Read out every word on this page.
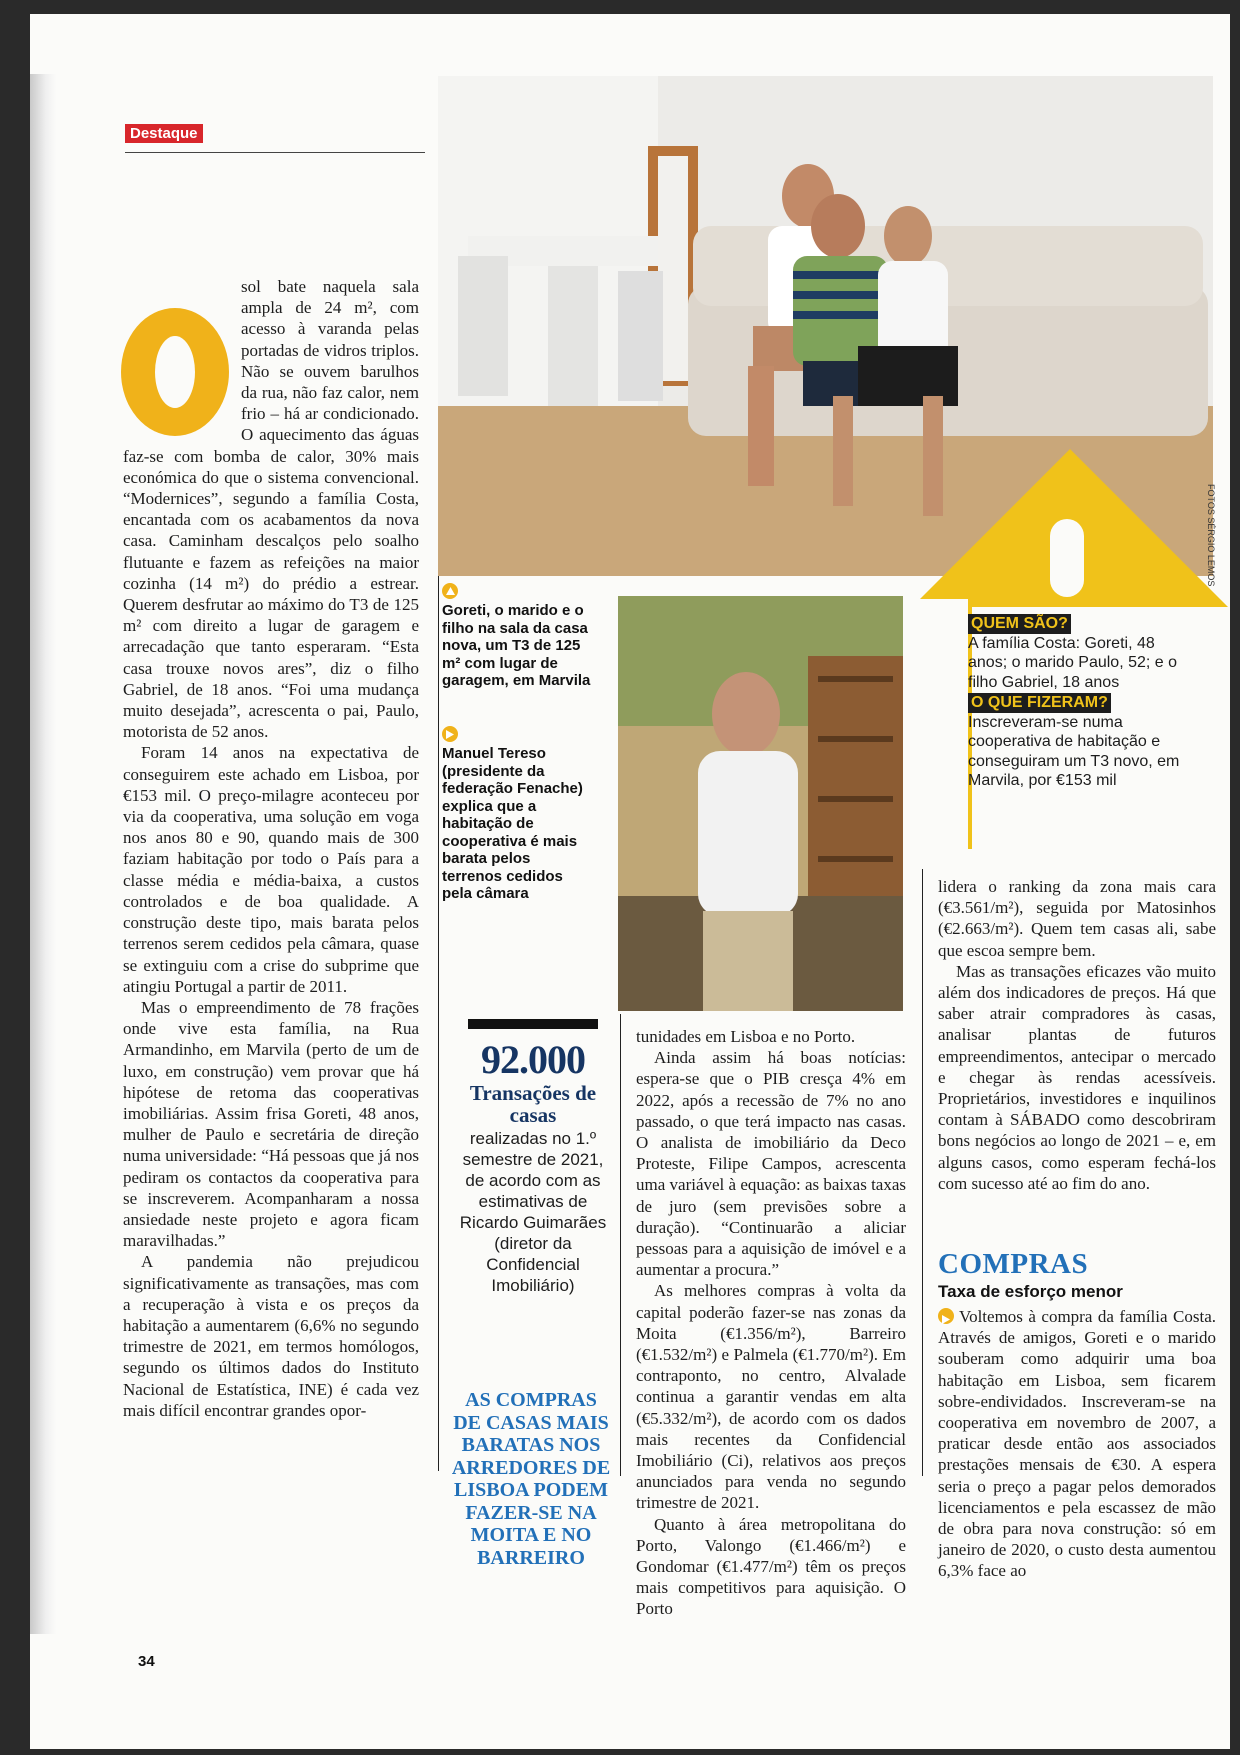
Destaque

sol bate naquela sala ampla de 24 m², com acesso à varanda pelas portadas de vidros triplos. Não se ouvem barulhos da rua, não faz calor, nem frio – há ar condicionado. O aquecimento das águas faz-se com bomba de calor, 30% mais económica do que o sistema convencional. “Modernices”, segundo a família Costa, encantada com os acabamentos da nova casa. Caminham descalços pelo soalho flutuante e fazem as refeições na maior cozinha (14 m²) do prédio a estrear. Querem desfrutar ao máximo do T3 de 125 m² com direito a lugar de garagem e arrecadação que tanto esperaram. “Esta casa trouxe novos ares”, diz o filho Gabriel, de 18 anos. “Foi uma mudança muito desejada”, acrescenta o pai, Paulo, motorista de 52 anos.

Foram 14 anos na expectativa de conseguirem este achado em Lisboa, por €153 mil. O preço-milagre aconteceu por via da cooperativa, uma solução em voga nos anos 80 e 90, quando mais de 300 faziam habitação por todo o País para a classe média e média-baixa, a custos controlados e de boa qualidade. A construção deste tipo, mais barata pelos terrenos serem cedidos pela câmara, quase se extinguiu com a crise do subprime que atingiu Portugal a partir de 2011.

Mas o empreendimento de 78 frações onde vive esta família, na Rua Armandinho, em Marvila (perto de um de luxo, em construção) vem provar que há hipótese de retoma das cooperativas imobiliárias. Assim frisa Goreti, 48 anos, mulher de Paulo e secretária de direção numa universidade: “Há pessoas que já nos pediram os contactos da cooperativa para se inscreverem. Acompanharam a nossa ansiedade neste projeto e agora ficam maravilhadas.”

A pandemia não prejudicou significativamente as transações, mas com a recuperação à vista e os preços da habitação a aumentarem (6,6% no segundo trimestre de 2021, em termos homólogos, segundo os últimos dados do Instituto Nacional de Estatística, INE) é cada vez mais difícil encontrar grandes opor-

FOTOS SÉRGIO LEMOS
Goreti, o marido e o filho na sala da casa nova, um T3 de 125 m² com lugar de garagem, em Marvila
Manuel Tereso (presidente da federação Fenache) explica que a habitação de cooperativa é mais barata pelos terrenos cedidos pela câmara
92.000
Transações de casas
realizadas no 1.º semestre de 2021, de acordo com as estimativas de Ricardo Guimarães (diretor da Confidencial Imobiliário)
AS COMPRAS DE CASAS MAIS BARATAS NOS ARREDORES DE LISBOA PODEM FAZER-SE NA MOITA E NO BARREIRO

tunidades em Lisboa e no Porto.

Ainda assim há boas notícias: espera-se que o PIB cresça 4% em 2022, após a recessão de 7% no ano passado, o que terá impacto nas casas. O analista de imobiliário da Deco Proteste, Filipe Campos, acrescenta uma variável à equação: as baixas taxas de juro (sem previsões sobre a duração). “Continuarão a aliciar pessoas para a aquisição de imóvel e a aumentar a procura.”

As melhores compras à volta da capital poderão fazer-se nas zonas da Moita (€1.356/m²), Barreiro (€1.532/m²) e Palmela (€1.770/m²). Em contraponto, no centro, Alvalade continua a garantir vendas em alta (€5.332/m²), de acordo com os dados mais recentes da Confidencial Imobiliário (Ci), relativos aos preços anunciados para venda no segundo trimestre de 2021.

Quanto à área metropolitana do Porto, Valongo (€1.466/m²) e Gondomar (€1.477/m²) têm os preços mais competitivos para aquisição. O Porto

QUEM SÃO?
A família Costa: Goreti, 48 anos; o marido Paulo, 52; e o filho Gabriel, 18 anos
O QUE FIZERAM?
Inscreveram-se numa cooperativa de habitação e conseguiram um T3 novo, em Marvila, por €153 mil

lidera o ranking da zona mais cara (€3.561/m²), seguida por Matosinhos (€2.663/m²). Quem tem casas ali, sabe que escoa sempre bem.

Mas as transações eficazes vão muito além dos indicadores de preços. Há que saber atrair compradores às casas, analisar plantas de futuros empreendimentos, antecipar o mercado e chegar às rendas acessíveis. Proprietários, investidores e inquilinos contam à SÁBADO como descobriram bons negócios ao longo de 2021 – e, em alguns casos, como esperam fechá-los com sucesso até ao fim do ano.

COMPRAS
Taxa de esforço menor

Voltemos à compra da família Costa. Através de amigos, Goreti e o marido souberam como adquirir uma boa habitação em Lisboa, sem ficarem sobre-endividados. Inscreveram-se na cooperativa em novembro de 2007, a praticar desde então aos associados prestações mensais de €30. A espera seria o preço a pagar pelos demorados licenciamentos e pela escassez de mão de obra para nova construção: só em janeiro de 2020, o custo desta aumentou 6,3% face ao

34
